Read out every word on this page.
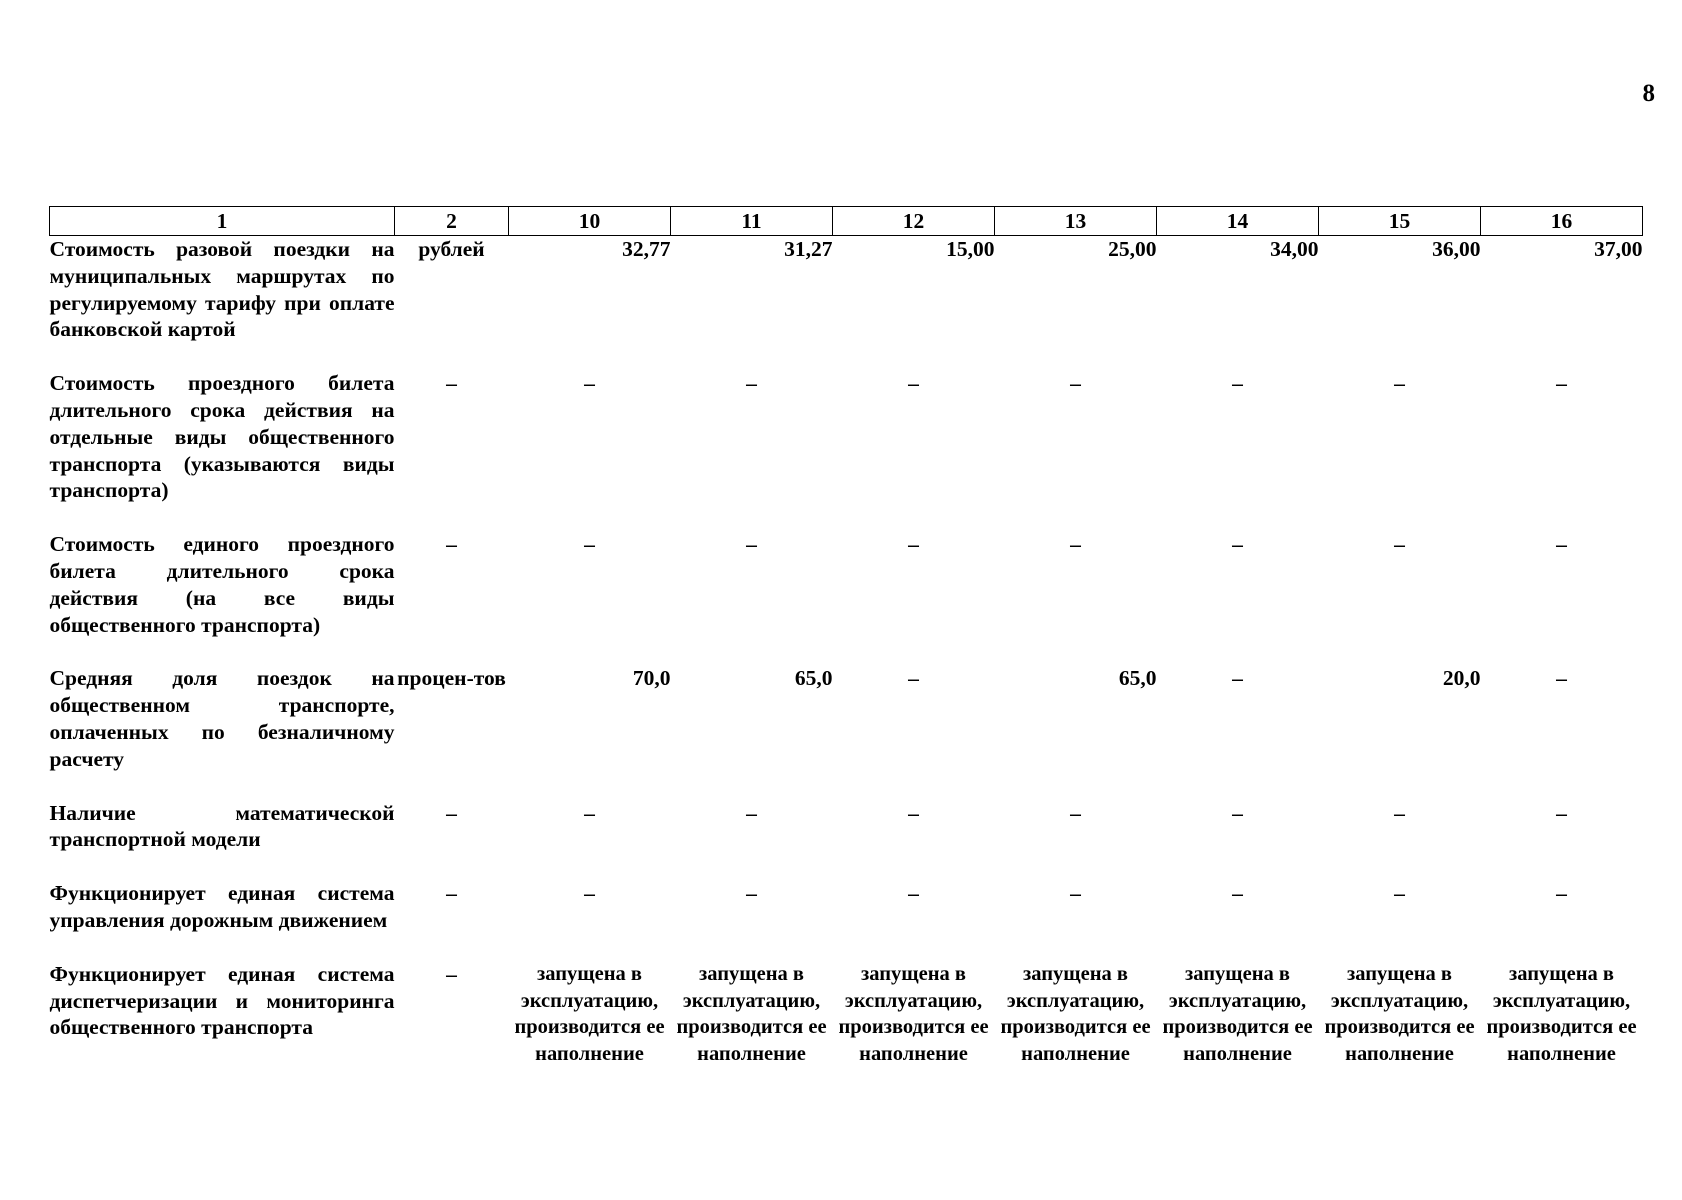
8
1	2	10	11	12	13	14	15	16
Стоимость разовой поездки на муниципальных маршрутах по регулируемому тарифу при оплате банковской картой	рублей	32,77	31,27	15,00	25,00	34,00	36,00	37,00
Стоимость проездного билета длительного срока действия на отдельные виды общественного транспорта (указываются виды транспорта)	–	–	–	–	–	–	–	–
Стоимость единого проездного билета длительного срока действия (на все виды общественного транспорта)	–	–	–	–	–	–	–	–
Средняя доля поездок на общественном транспорте, оплаченных по безналичному расчету	процен-тов	70,0	65,0	–	65,0	–	20,0	–
Наличие математической транспортной модели	–	–	–	–	–	–	–	–
Функционирует единая система управления дорожным движением	–	–	–	–	–	–	–	–
Функционирует единая система диспетчеризации и мониторинга общественного транспорта	–	запущена в эксплуатацию, производится ее наполнение	запущена в эксплуатацию, производится ее наполнение	запущена в эксплуатацию, производится ее наполнение	запущена в эксплуатацию, производится ее наполнение	запущена в эксплуатацию, производится ее наполнение	запущена в эксплуатацию, производится ее наполнение	запущена в эксплуатацию, производится ее наполнение
